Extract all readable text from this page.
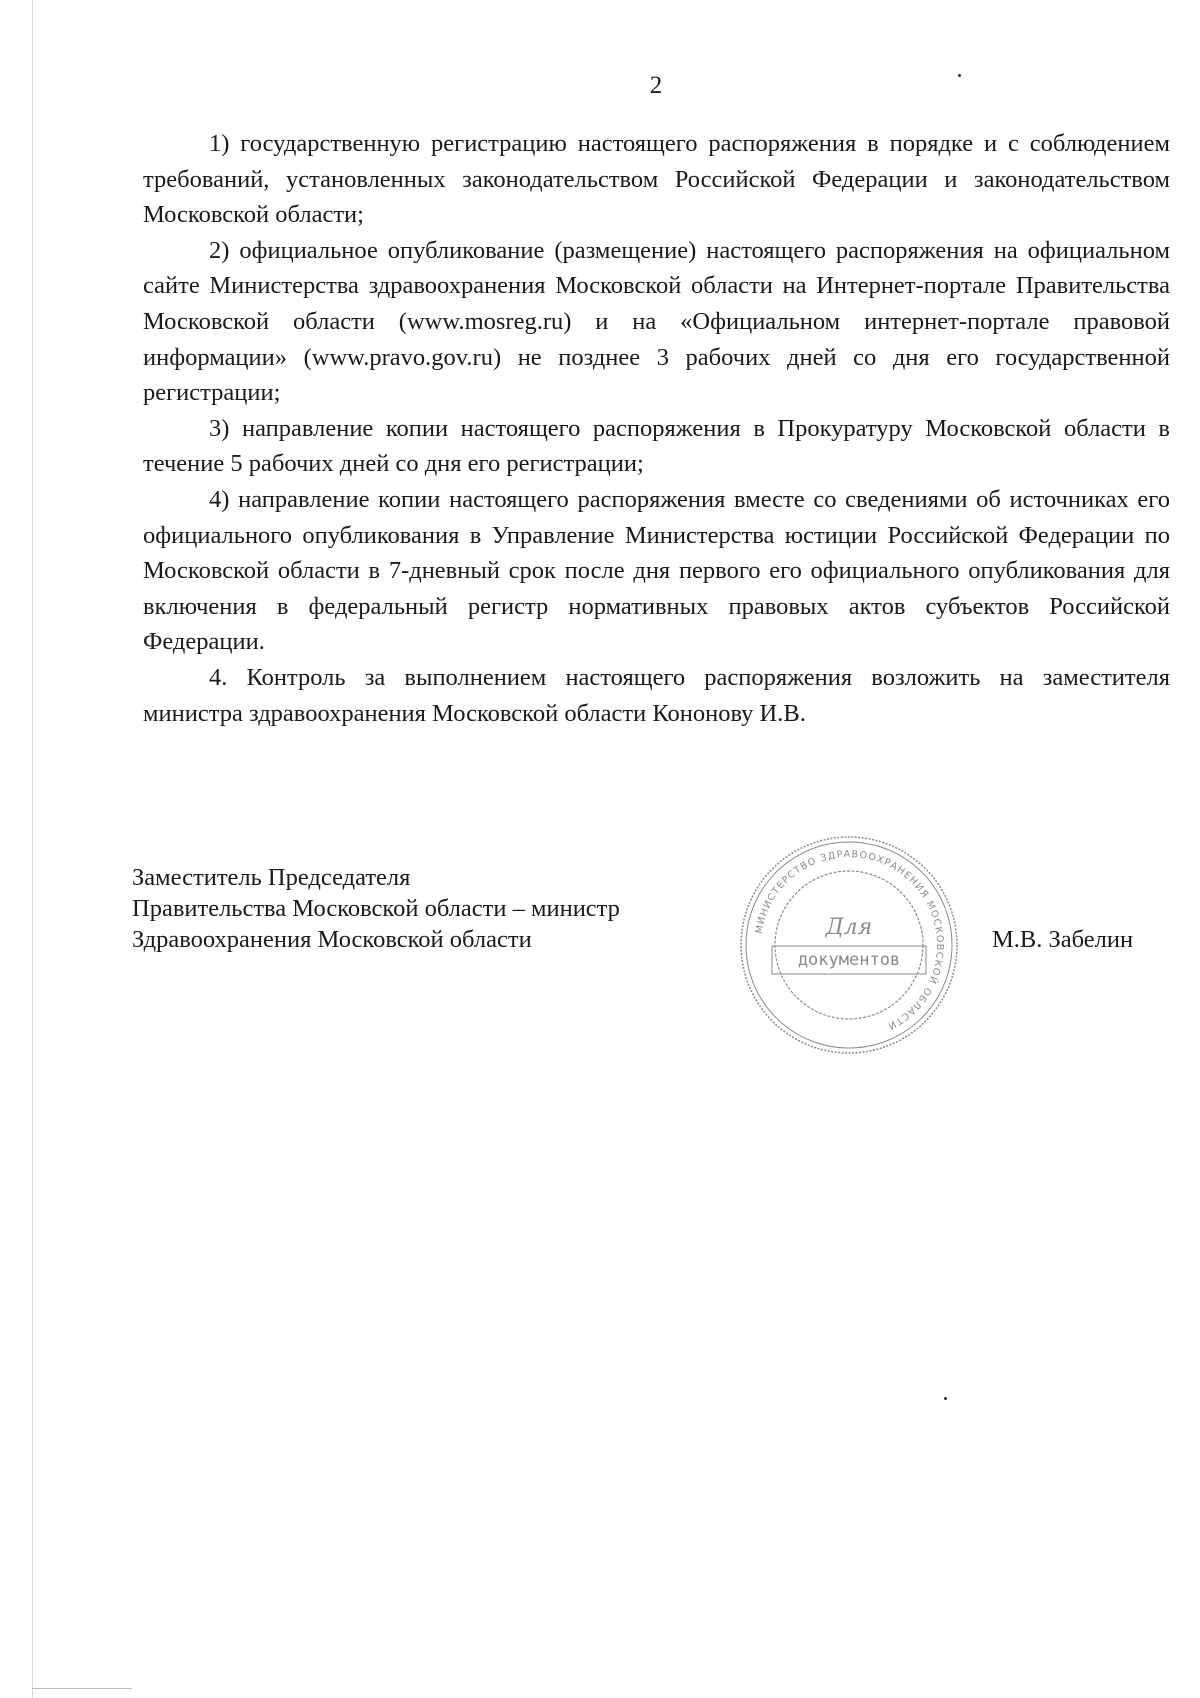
2

1) государственную регистрацию настоящего распоряжения в порядке и с соблюдением требований, установленных законодательством Российской Федерации и законодательством Московской области;

2) официальное опубликование (размещение) настоящего распоряжения на официальном сайте Министерства здравоохранения Московской области на Интернет-портале Правительства Московской области (www.mosreg.ru) и на «Официальном интернет-портале правовой информации» (www.pravo.gov.ru) не позднее 3 рабочих дней со дня его государственной регистрации;

3) направление копии настоящего распоряжения в Прокуратуру Московской области в течение 5 рабочих дней со дня его регистрации;

4) направление копии настоящего распоряжения вместе со сведениями об источниках его официального опубликования в Управление Министерства юстиции Российской Федерации по Московской области в 7-дневный срок после дня первого его официального опубликования для включения в федеральный регистр нормативных правовых актов субъектов Российской Федерации.

4. Контроль за выполнением настоящего распоряжения возложить на заместителя министра здравоохранения Московской области Кононову И.В.

Заместитель Председателя
Правительства Московской области – министр
Здравоохранения Московской области	МИНИСТЕРСТВО ЗДРАВООХРАНЕНИЯ МОСКОВСКОЙ ОБЛАСТИ
Для
документов
М.В. Забелин
